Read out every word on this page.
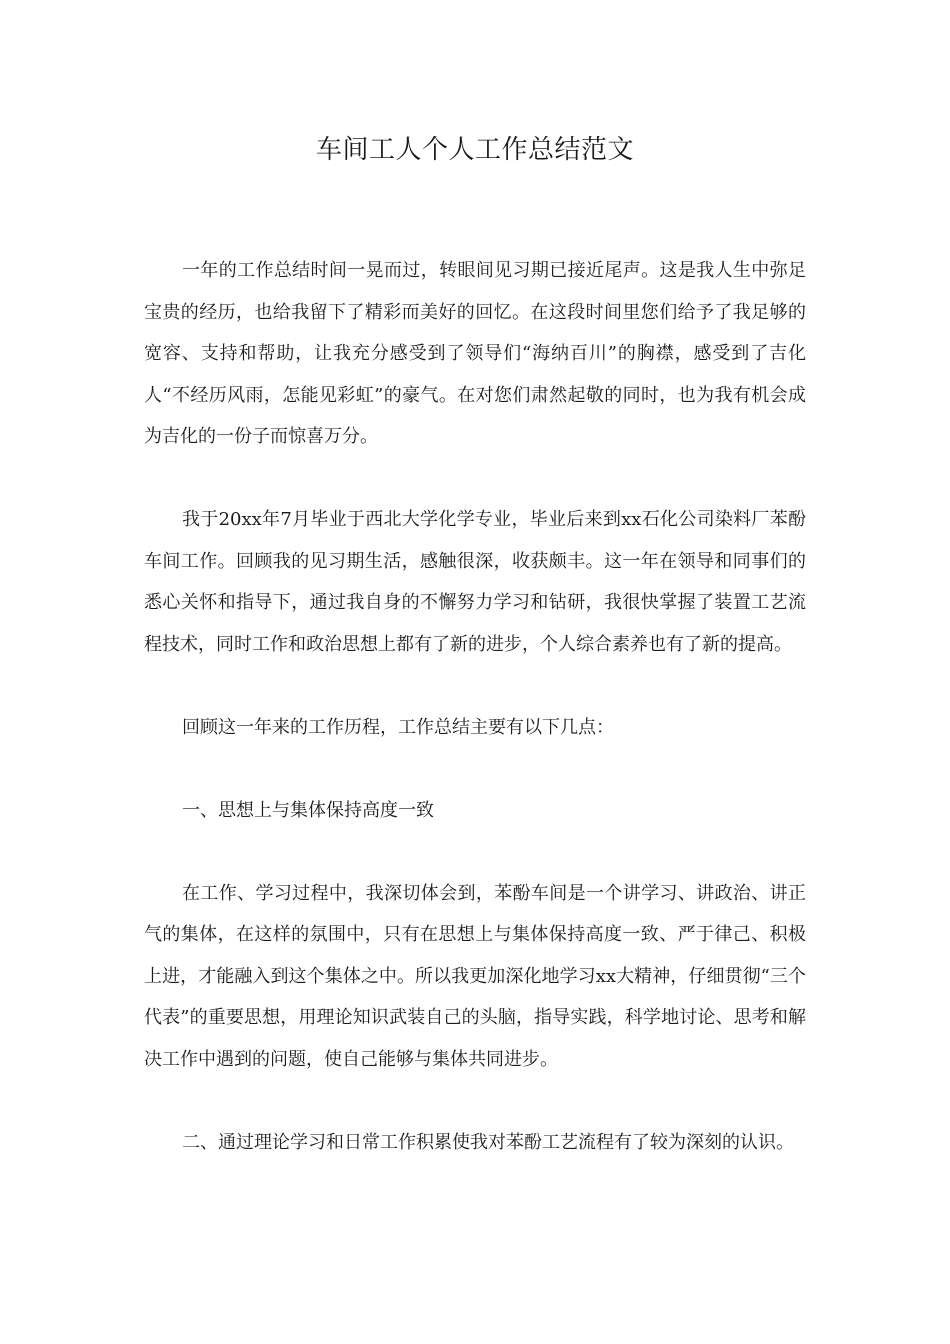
车间工人个人工作总结范文

一年的工作总结时间一晃而过，转眼间见习期已接近尾声。这是我人生中弥足宝贵的经历，也给我留下了精彩而美好的回忆。在这段时间里您们给予了我足够的宽容、支持和帮助，让我充分感受到了领导们“海纳百川”的胸襟，感受到了吉化人“不经历风雨，怎能见彩虹”的豪气。在对您们肃然起敬的同时，也为我有机会成为吉化的一份子而惊喜万分。

我于20xx年7月毕业于西北大学化学专业，毕业后来到xx石化公司染料厂苯酚车间工作。回顾我的见习期生活，感触很深，收获颇丰。这一年在领导和同事们的悉心关怀和指导下，通过我自身的不懈努力学习和钻研，我很快掌握了装置工艺流程技术，同时工作和政治思想上都有了新的进步，个人综合素养也有了新的提高。

回顾这一年来的工作历程，工作总结主要有以下几点：

一、思想上与集体保持高度一致

在工作、学习过程中，我深切体会到，苯酚车间是一个讲学习、讲政治、讲正气的集体，在这样的氛围中，只有在思想上与集体保持高度一致、严于律己、积极上进，才能融入到这个集体之中。所以我更加深化地学习xx大精神，仔细贯彻“三个代表”的重要思想，用理论知识武装自己的头脑，指导实践，科学地讨论、思考和解决工作中遇到的问题，使自己能够与集体共同进步。

二、通过理论学习和日常工作积累使我对苯酚工艺流程有了较为深刻的认识。
